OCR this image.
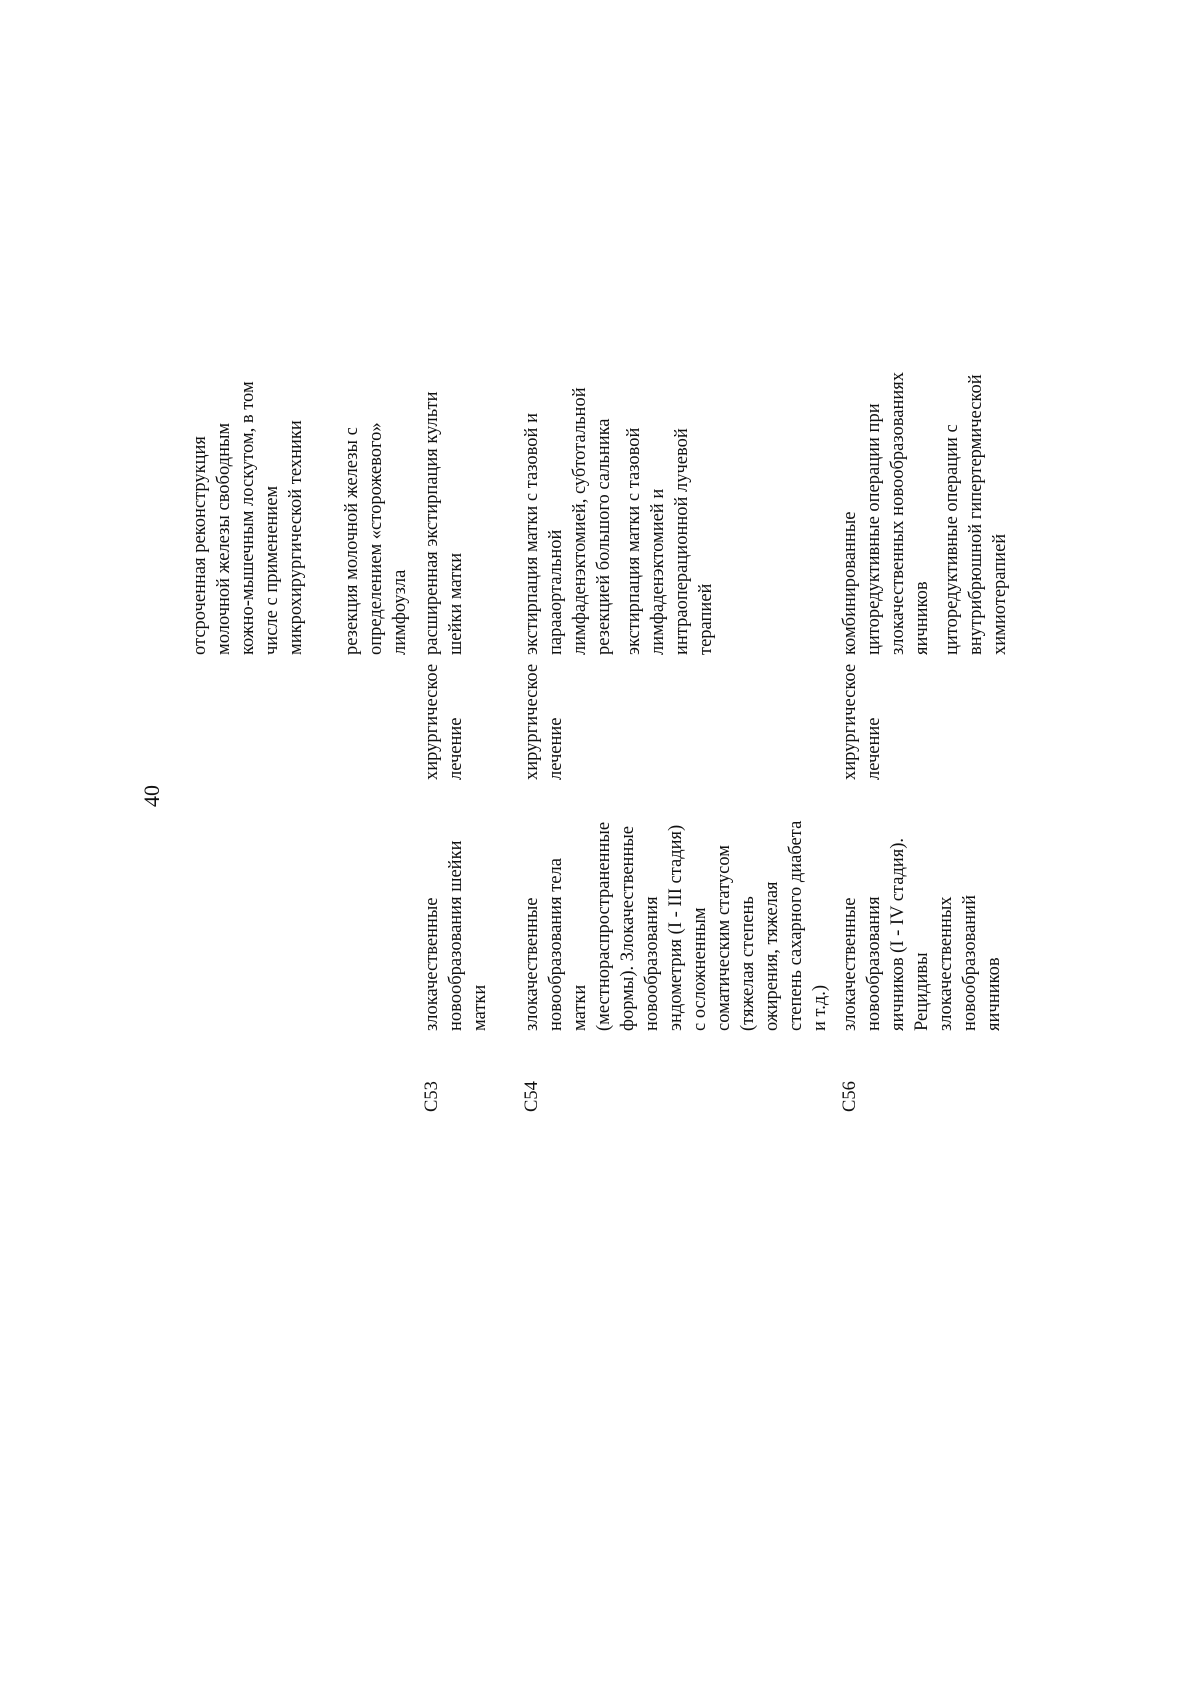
40
отсроченная реконструкция молочной железы свободным кожно-мышечным лоскутом, в том числе с применением микрохирургической техники резекция молочной железы с определением «сторожевого» лимфоузла
C53
злокачественные новообразования шейки матки
хирургическое лечение
расширенная экстирпация культи шейки матки
C54
злокачественные новообразования тела матки (местнораспространенные формы). Злокачественные новообразования эндометрия (I - III стадия) с осложненным соматическим статусом (тяжелая степень ожирения, тяжелая степень сахарного диабета и т.д.)
хирургическое лечение
экстирпация матки с тазовой и парааортальной лимфаденэктомией, субтотальной резекцией большого сальника экстирпация матки с тазовой лимфаденэктомией и интраоперационной лучевой терапией
C56
злокачественные новообразования яичников (I - IV стадия). Рецидивы злокачественных новообразований яичников
хирургическое лечение
комбинированные циторедуктивные операции при злокачественных новообразованиях яичников циторедуктивные операции с внутрибрюшной гипертермической химиотерапией
